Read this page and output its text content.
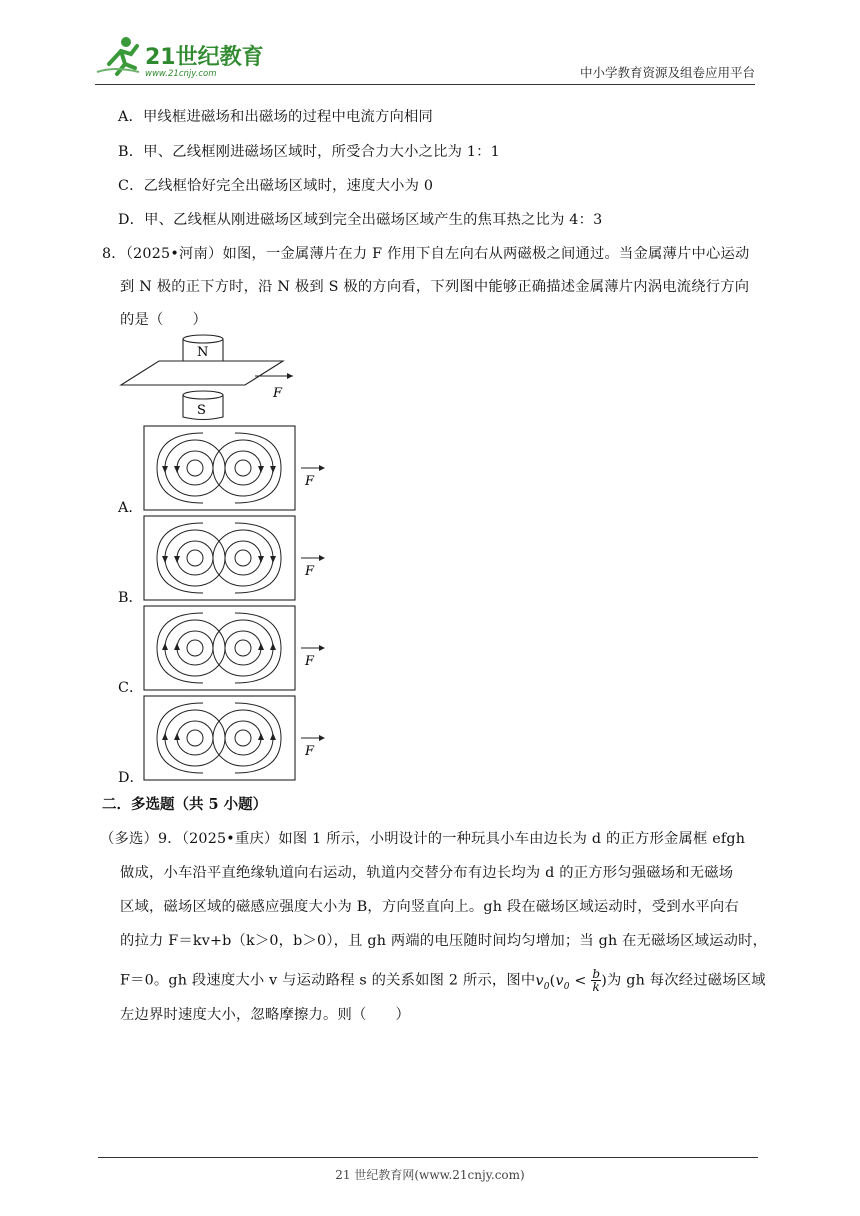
21世纪教育
www.21cnjy.com	中小学教育资源及组卷应用平台
A．甲线框进磁场和出磁场的过程中电流方向相同
B．甲、乙线框刚进磁场区域时，所受合力大小之比为 1：1
C．乙线框恰好完全出磁场区域时，速度大小为 0
D．甲、乙线框从刚进磁场区域到完全出磁场区域产生的焦耳热之比为 4：3
8．（2025•河南）如图，一金属薄片在力 F 作用下自左向右从两磁极之间通过。当金属薄片中心运动
到 N 极的正下方时，沿 N 极到 S 极的方向看，下列图中能够正确描述金属薄片内涡电流绕行方向
的是（　　）
N
F
S
F
A．
F
B．
F
C．
F
D．
二．多选题（共 5 小题）
（多选）9．（2025•重庆）如图 1 所示，小明设计的一种玩具小车由边长为 d 的正方形金属框 efgh
做成，小车沿平直绝缘轨道向右运动，轨道内交替分布有边长均为 d 的正方形匀强磁场和无磁场
区域，磁场区域的磁感应强度大小为 B，方向竖直向上。gh 段在磁场区域运动时，受到水平向右
的拉力 F＝kv+b（k＞0，b＞0），且 gh 两端的电压随时间均匀增加；当 gh 在无磁场区域运动时，
F＝0。gh 段速度大小 v 与运动路程 s 的关系如图 2 所示，图中$v_0(v_0 < \frac{b}{k}$ )为 gh 每次经过磁场区域
左边界时速度大小，忽略摩擦力。则（　　）
21 世纪教育网(www.21cnjy.com)
